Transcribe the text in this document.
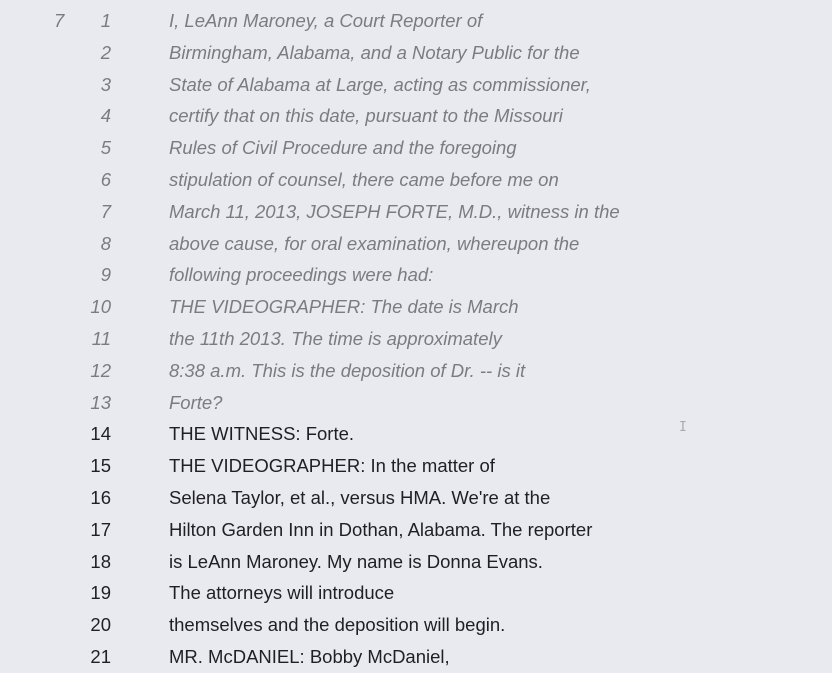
7	1	I, LeAnn Maroney, a Court Reporter of
2	Birmingham, Alabama, and a Notary Public for the
3	State of Alabama at Large, acting as commissioner,
4	certify that on this date, pursuant to the Missouri
5	Rules of Civil Procedure and the foregoing
6	stipulation of counsel, there came before me on
7	March 11, 2013, JOSEPH FORTE, M.D., witness in the
8	above cause, for oral examination, whereupon the
9	following proceedings were had:
10	THE VIDEOGRAPHER: The date is March
11	the 11th 2013. The time is approximately
12	8:38 a.m. This is the deposition of Dr. -- is it
13	Forte?
14	THE WITNESS: Forte.
15	THE VIDEOGRAPHER: In the matter of
16	Selena Taylor, et al., versus HMA. We're at the
17	Hilton Garden Inn in Dothan, Alabama. The reporter
18	is LeAnn Maroney. My name is Donna Evans.
19	The attorneys will introduce
20	themselves and the deposition will begin.
21	MR. McDANIEL: Bobby McDaniel,
I
